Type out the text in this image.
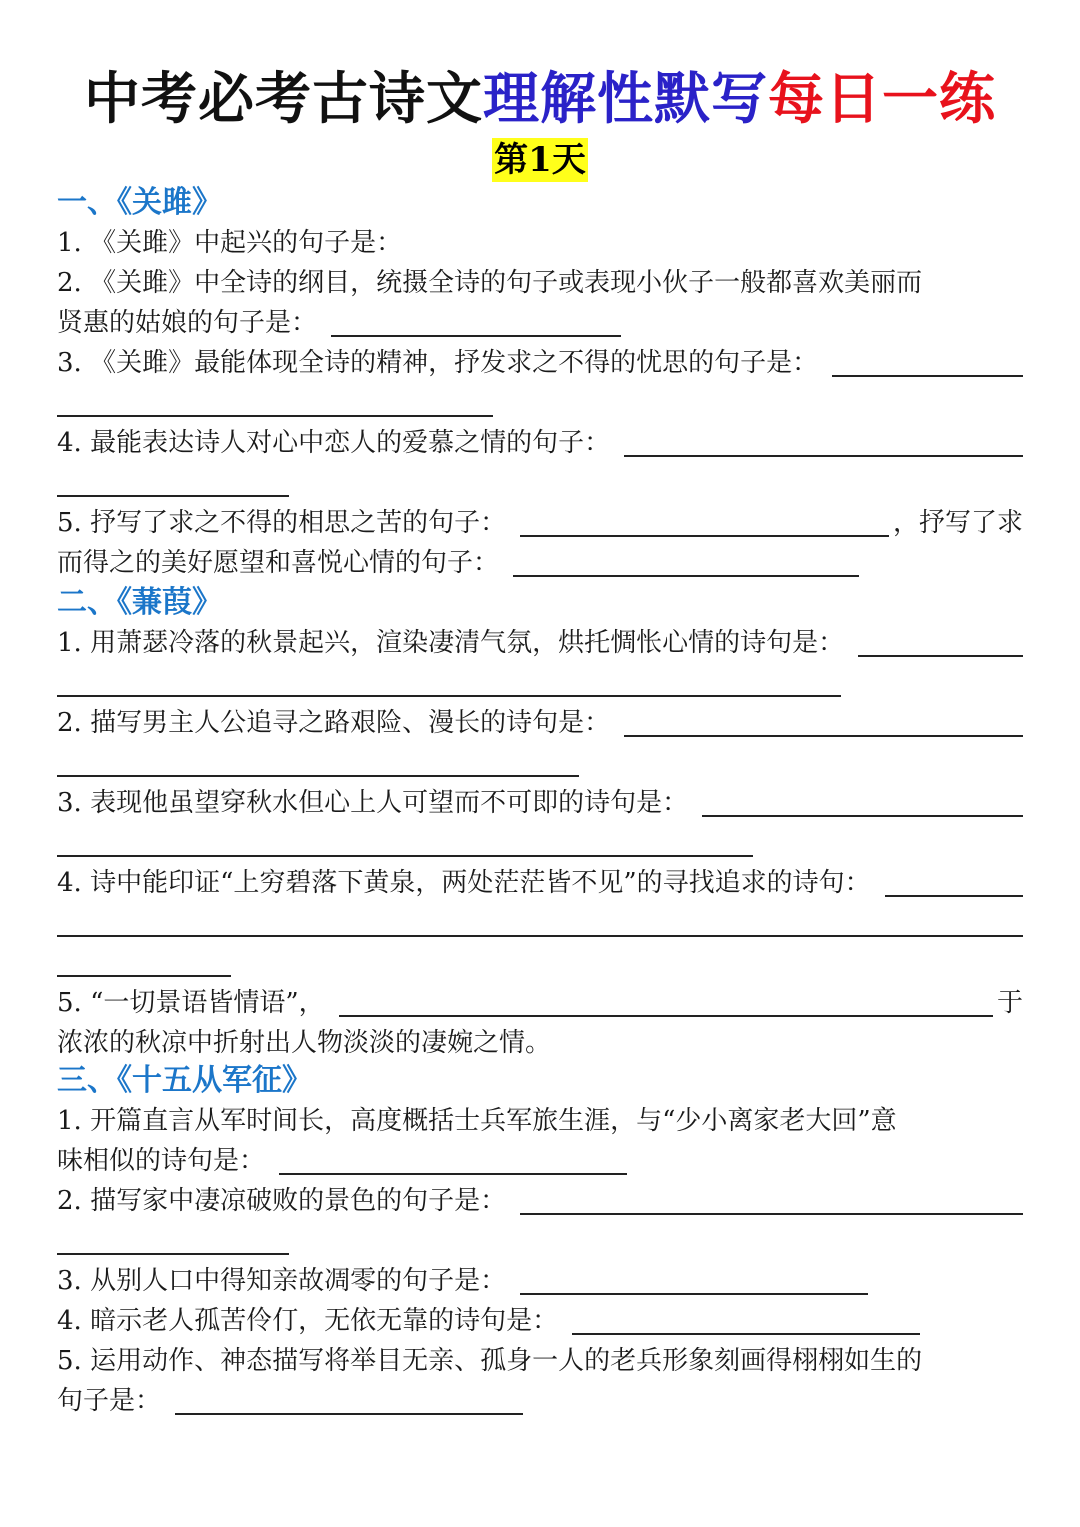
中考必考古诗文理解性默写每日一练
第1天
一、《关雎》
1. 《关雎》中起兴的句子是：
2. 《关雎》中全诗的纲目，统摄全诗的句子或表现小伙子一般都喜欢美丽而
贤惠的姑娘的句子是：
3. 《关雎》最能体现全诗的精神，抒发求之不得的忧思的句子是：
4. 最能表达诗人对心中恋人的爱慕之情的句子：
5. 抒写了求之不得的相思之苦的句子：	，抒写了求
而得之的美好愿望和喜悦心情的句子：
二、《蒹葭》
1. 用萧瑟冷落的秋景起兴，渲染凄清气氛，烘托惆怅心情的诗句是：
2. 描写男主人公追寻之路艰险、漫长的诗句是：
3. 表现他虽望穿秋水但心上人可望而不可即的诗句是：
4. 诗中能印证“上穷碧落下黄泉，两处茫茫皆不见”的寻找追求的诗句：
5. “一切景语皆情语”，	于
浓浓的秋凉中折射出人物淡淡的凄婉之情。
三、《十五从军征》
1. 开篇直言从军时间长，高度概括士兵军旅生涯，与“少小离家老大回”意
味相似的诗句是：
2. 描写家中凄凉破败的景色的句子是：
3. 从别人口中得知亲故凋零的句子是：
4. 暗示老人孤苦伶仃，无依无靠的诗句是：
5. 运用动作、神态描写将举目无亲、孤身一人的老兵形象刻画得栩栩如生的
句子是：
